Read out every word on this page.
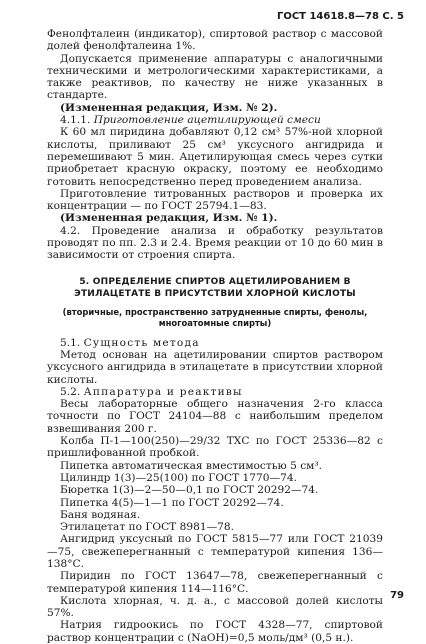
ГОСТ 14618.8—78 С. 5

Фенолфталеин (индикатор), спиртовой раствор с массовой долей фенолфталеина 1%.

Допускается применение аппаратуры с аналогичными техническими и метрологическими характеристиками, а также реактивов, по качеству не ниже указанных в стандарте.

(Измененная редакция, Изм. № 2).

4.1.1. Приготовление ацетилирующей смеси

К 60 мл пиридина добавляют 0,12 см³ 57%-ной хлорной кислоты, приливают 25 см³ уксусного ангидрида и перемешивают 5 мин. Ацетилирующая смесь через сутки приобретает красную окраску, поэтому ее необходимо готовить непосредственно перед проведением анализа.

Приготовление титрованных растворов и проверка их концентрации — по ГОСТ 25794.1—83.

(Измененная редакция, Изм. № 1).

4.2. Проведение анализа и обработку результатов проводят по пп. 2.3 и 2.4. Время реакции от 10 до 60 мин в зависимости от строения спирта.

5. ОПРЕДЕЛЕНИЕ СПИРТОВ АЦЕТИЛИРОВАНИЕМ В ЭТИЛАЦЕТАТЕ В ПРИСУТСТВИИ ХЛОРНОЙ КИСЛОТЫ
(вторичные, пространственно затрудненные спирты, фенолы, многоатомные спирты)

5.1. Сущность метода

Метод основан на ацетилировании спиртов раствором уксусного ангидрида в этилацетате в присутствии хлорной кислоты.

5.2. Аппаратура и реактивы

Весы лабораторные общего назначения 2-го класса точности по ГОСТ 24104—88 с наибольшим пределом взвешивания 200 г.

Колба П-1—100(250)—29/32 ТХС по ГОСТ 25336—82 с пришлифованной пробкой.

Пипетка автоматическая вместимостью 5 см³.

Цилиндр 1(3)—25(100) по ГОСТ 1770—74.

Бюретка 1(3)—2—50—0,1 по ГОСТ 20292—74.

Пипетка 4(5)—1—1 по ГОСТ 20292—74.

Баня водяная.

Этилацетат по ГОСТ 8981—78.

Ангидрид уксусный по ГОСТ 5815—77 или ГОСТ 21039—75, свежеперегнанный с температурой кипения 136—138°С.

Пиридин по ГОСТ 13647—78, свежеперегнанный с температурой кипения 114—116°С.

Кислота хлорная, ч. д. а., с массовой долей кислоты 57%.

Натрия гидроокись по ГОСТ 4328—77, спиртовой раствор концентрации с (NaOH)=0,5 моль/дм³ (0,5 н.).

79
